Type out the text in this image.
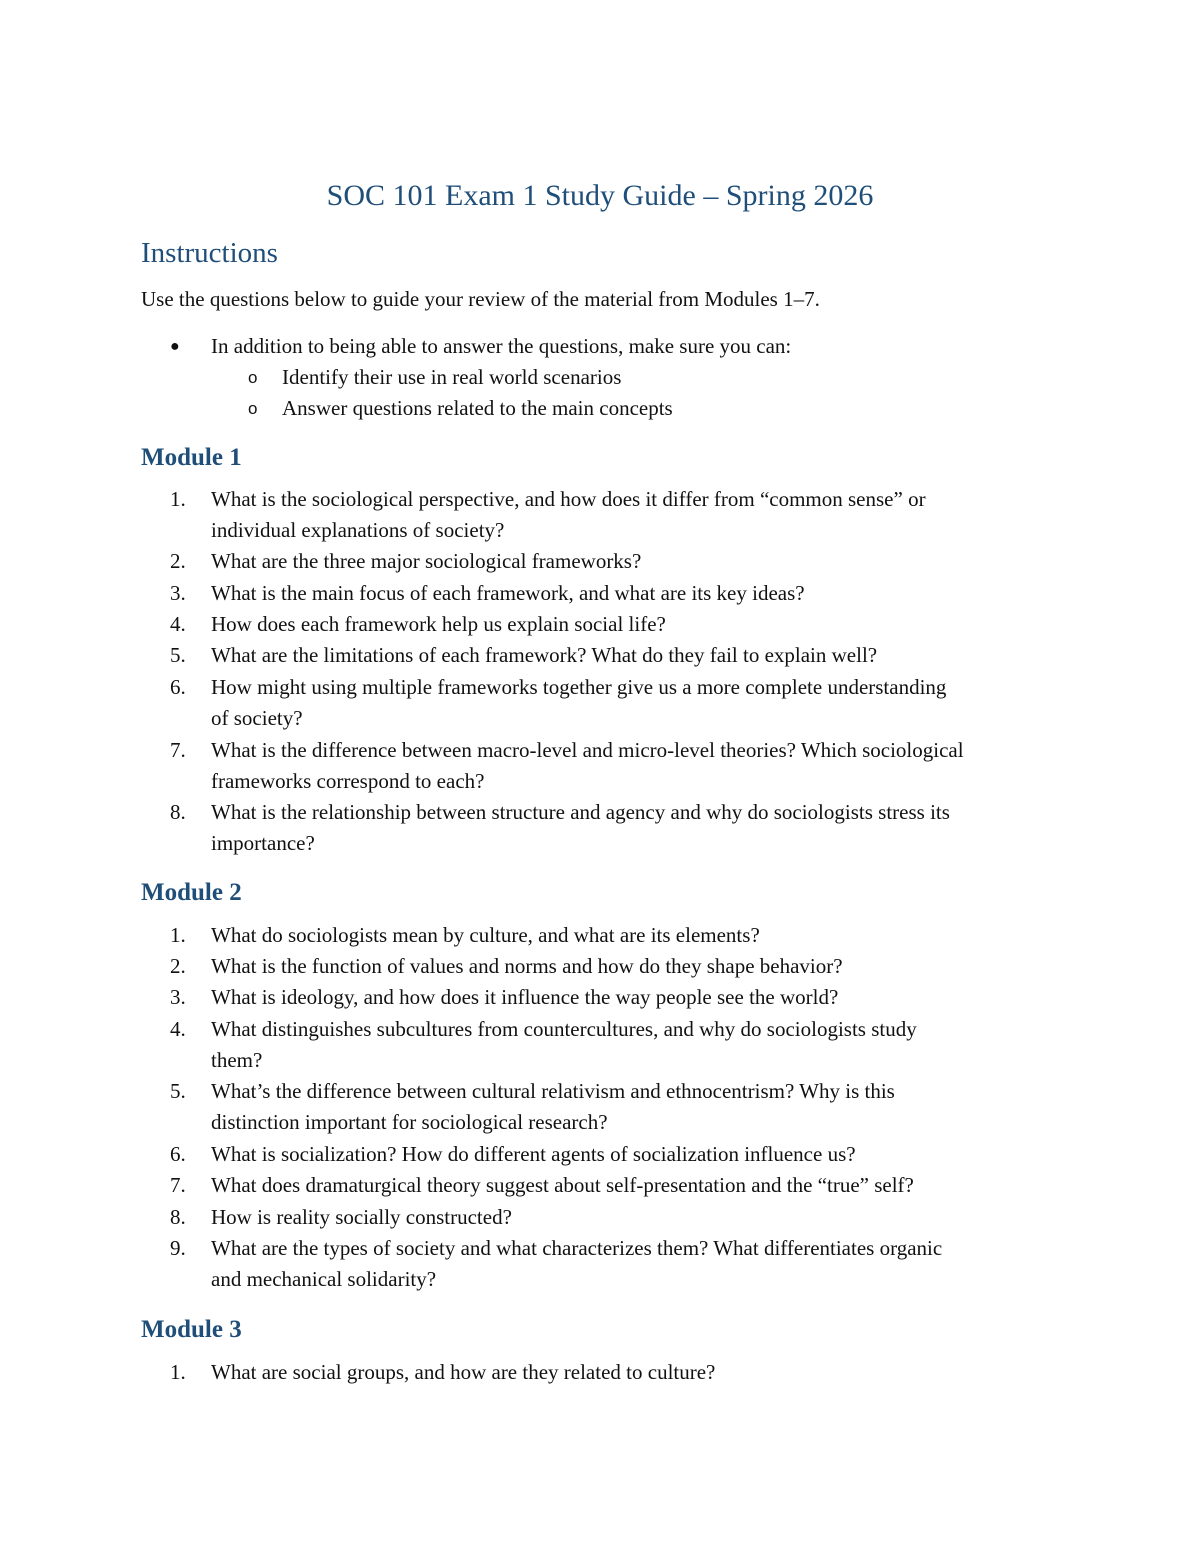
SOC 101 Exam 1 Study Guide – Spring 2026
Instructions

Use the questions below to guide your review of the material from Modules 1–7.

●	In addition to being able to answer the questions, make sure you can:
o Identify their use in real world scenarios
o Answer questions related to the main concepts
Module 1
1.	What is the sociological perspective, and how does it differ from “common sense” or
individual explanations of society?
2.	What are the three major sociological frameworks?
3.	What is the main focus of each framework, and what are its key ideas?
4.	How does each framework help us explain social life?
5.	What are the limitations of each framework? What do they fail to explain well?
6.	How might using multiple frameworks together give us a more complete understanding
of society?
7.	What is the difference between macro-level and micro-level theories? Which sociological
frameworks correspond to each?
8.	What is the relationship between structure and agency and why do sociologists stress its
importance?
Module 2
1.	What do sociologists mean by culture, and what are its elements?
2.	What is the function of values and norms and how do they shape behavior?
3.	What is ideology, and how does it influence the way people see the world?
4.	What distinguishes subcultures from countercultures, and why do sociologists study
them?
5.	What’s the difference between cultural relativism and ethnocentrism? Why is this
distinction important for sociological research?
6.	What is socialization? How do different agents of socialization influence us?
7.	What does dramaturgical theory suggest about self-presentation and the “true” self?
8.	How is reality socially constructed?
9.	What are the types of society and what characterizes them? What differentiates organic
and mechanical solidarity?
Module 3
1.	What are social groups, and how are they related to culture?
